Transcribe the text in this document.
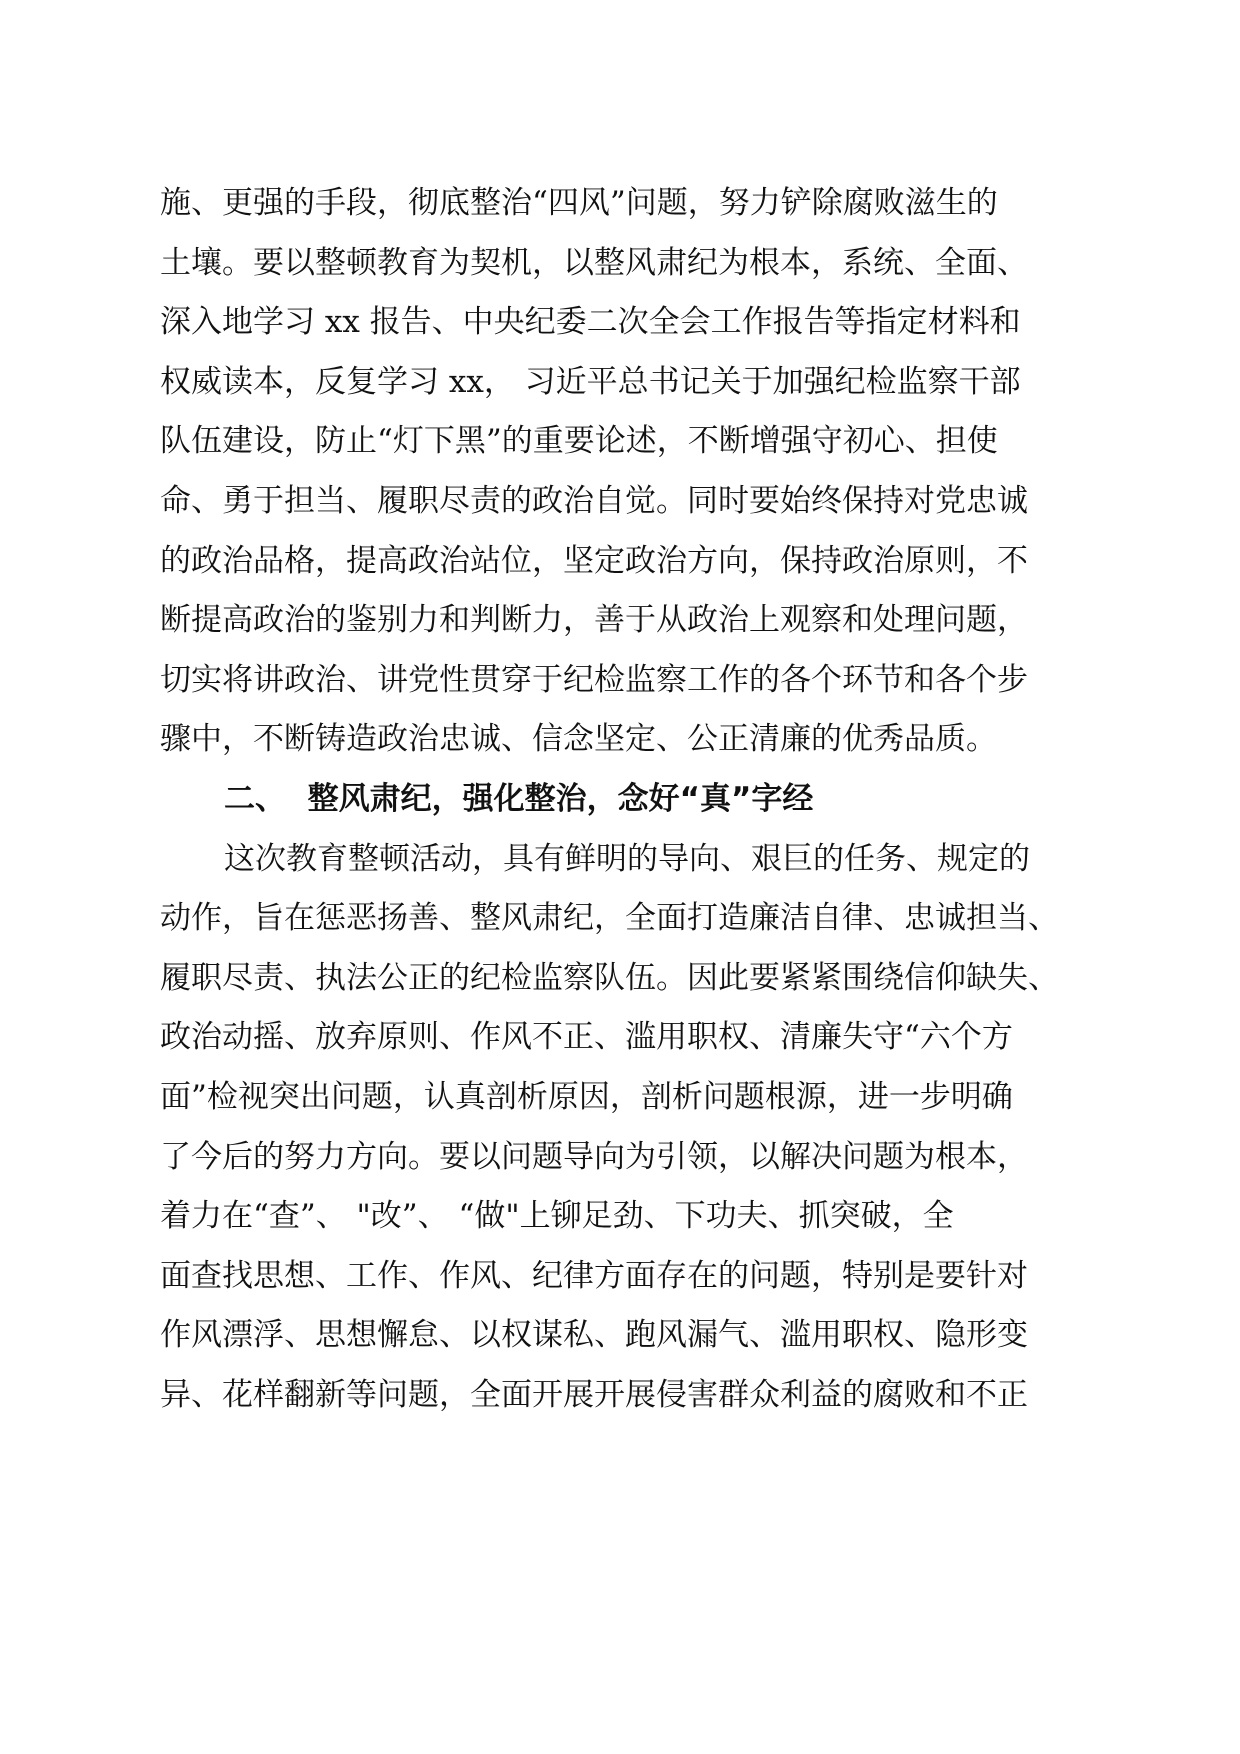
施、更强的手段，彻底整治“四风”问题，努力铲除腐败滋生的
土壤。要以整顿教育为契机，以整风肃纪为根本，系统、全面、
深入地学习 xx 报告、中央纪委二次全会工作报告等指定材料和
权威读本，反复学习 xx， 习近平总书记关于加强纪检监察干部
队伍建设，防止“灯下黑”的重要论述，不断增强守初心、担使
命、勇于担当、履职尽责的政治自觉。同时要始终保持对党忠诚
的政治品格，提高政治站位，坚定政治方向，保持政治原则，不
断提高政治的鉴别力和判断力，善于从政治上观察和处理问题，
切实将讲政治、讲党性贯穿于纪检监察工作的各个环节和各个步
骤中，不断铸造政治忠诚、信念坚定、公正清廉的优秀品质。
二、  整风肃纪，强化整治，念好“真”字经
这次教育整顿活动，具有鲜明的导向、艰巨的任务、规定的
动作，旨在惩恶扬善、整风肃纪，全面打造廉洁自律、忠诚担当、
履职尽责、执法公正的纪检监察队伍。因此要紧紧围绕信仰缺失、
政治动摇、放弃原则、作风不正、滥用职权、清廉失守“六个方
面”检视突出问题，认真剖析原因，剖析问题根源，进一步明确
了今后的努力方向。要以问题导向为引领，以解决问题为根本，
着力在“查”、 "改”、 “做"上铆足劲、下功夫、抓突破，全
面查找思想、工作、作风、纪律方面存在的问题，特别是要针对
作风漂浮、思想懈怠、以权谋私、跑风漏气、滥用职权、隐形变
异、花样翻新等问题，全面开展开展侵害群众利益的腐败和不正
